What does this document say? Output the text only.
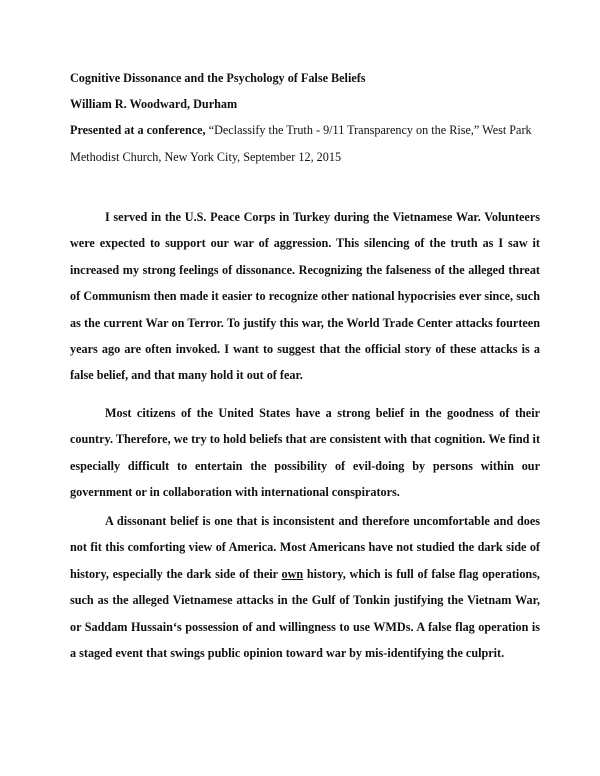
Cognitive Dissonance and the Psychology of False Beliefs
William R. Woodward, Durham
Presented at a conference, “Declassify the Truth - 9/11 Transparency on the Rise,” West Park
Methodist Church, New York City, September 12, 2015

I served in the U.S. Peace Corps in Turkey during the Vietnamese War. Volunteers were expected to support our war of aggression. This silencing of the truth as I saw it increased my strong feelings of dissonance. Recognizing the falseness of the alleged threat of Communism then made it easier to recognize other national hypocrisies ever since, such as the current War on Terror. To justify this war, the World Trade Center attacks fourteen years ago are often invoked. I want to suggest that the official story of these attacks is a false belief, and that many hold it out of fear.

Most citizens of the United States have a strong belief in the goodness of their country. Therefore, we try to hold beliefs that are consistent with that cognition. We find it especially difficult to entertain the possibility of evil-doing by persons within our government or in collaboration with international conspirators.

A dissonant belief is one that is inconsistent and therefore uncomfortable and does not fit this comforting view of America. Most Americans have not studied the dark side of history, especially the dark side of their own history, which is full of false flag operations, such as the alleged Vietnamese attacks in the Gulf of Tonkin justifying the Vietnam War, or Saddam Hussain‘s possession of and willingness to use WMDs. A false flag operation is a staged event that swings public opinion toward war by mis-identifying the culprit.
